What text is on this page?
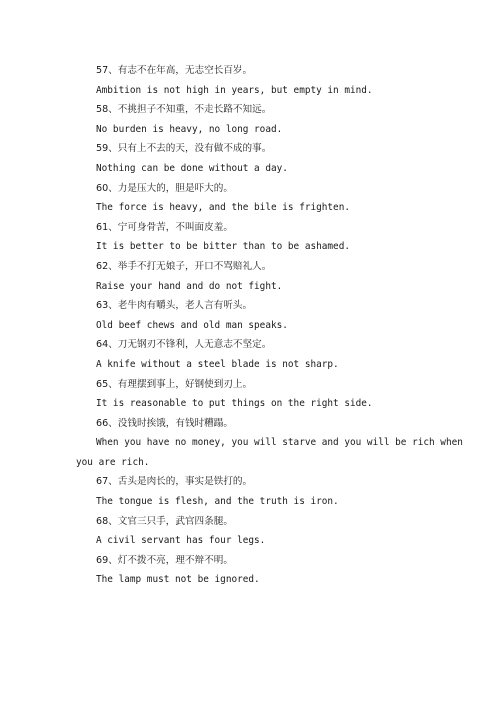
57、有志不在年高，无志空长百岁。
Ambition is not high in years, but empty in mind.
58、不挑担子不知重，不走长路不知远。
No burden is heavy, no long road.
59、只有上不去的天，没有做不成的事。
Nothing can be done without a day.
60、力是压大的，胆是吓大的。
The force is heavy, and the bile is frighten.
61、宁可身骨苦，不叫面皮羞。
It is better to be bitter than to be ashamed.
62、举手不打无娘子，开口不骂赔礼人。
Raise your hand and do not fight.
63、老牛肉有嚼头，老人言有听头。
Old beef chews and old man speaks.
64、刀无钢刃不锋利，人无意志不坚定。
A knife without a steel blade is not sharp.
65、有理摆到事上，好钢使到刃上。
It is reasonable to put things on the right side.
66、没钱时挨饿，有钱时糟蹋。
When you have no money, you will starve and you will be rich when
you are rich.
67、舌头是肉长的，事实是铁打的。
The tongue is flesh, and the truth is iron.
68、文官三只手，武官四条腿。
A civil servant has four legs.
69、灯不拨不亮，理不辩不明。
The lamp must not be ignored.
